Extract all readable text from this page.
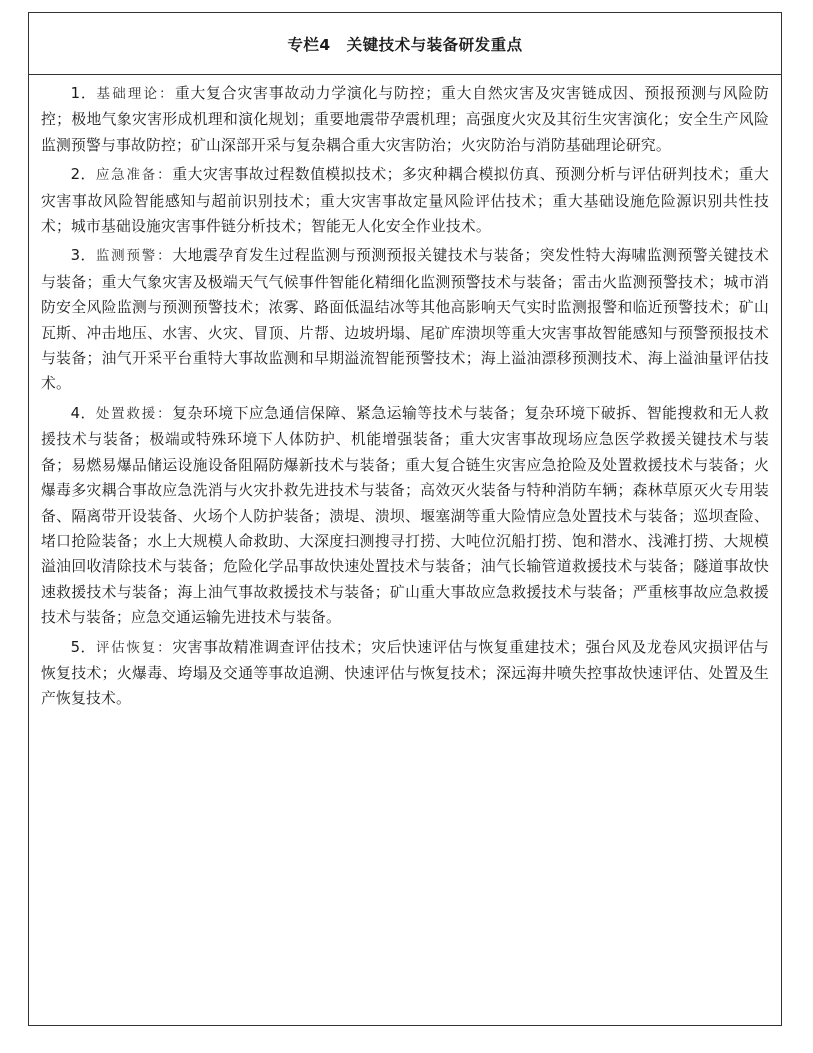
专栏4　关键技术与装备研发重点

1．基础理论：重大复合灾害事故动力学演化与防控；重大自然灾害及灾害链成因、预报预测与风险防控；极地气象灾害形成机理和演化规划；重要地震带孕震机理；高强度火灾及其衍生灾害演化；安全生产风险监测预警与事故防控；矿山深部开采与复杂耦合重大灾害防治；火灾防治与消防基础理论研究。

2．应急准备：重大灾害事故过程数值模拟技术；多灾种耦合模拟仿真、预测分析与评估研判技术；重大灾害事故风险智能感知与超前识别技术；重大灾害事故定量风险评估技术；重大基础设施危险源识别共性技术；城市基础设施灾害事件链分析技术；智能无人化安全作业技术。

3．监测预警：大地震孕育发生过程监测与预测预报关键技术与装备；突发性特大海啸监测预警关键技术与装备；重大气象灾害及极端天气气候事件智能化精细化监测预警技术与装备；雷击火监测预警技术；城市消防安全风险监测与预测预警技术；浓雾、路面低温结冰等其他高影响天气实时监测报警和临近预警技术；矿山瓦斯、冲击地压、水害、火灾、冒顶、片帮、边坡坍塌、尾矿库溃坝等重大灾害事故智能感知与预警预报技术与装备；油气开采平台重特大事故监测和早期溢流智能预警技术；海上溢油漂移预测技术、海上溢油量评估技术。

4．处置救援：复杂环境下应急通信保障、紧急运输等技术与装备；复杂环境下破拆、智能搜救和无人救援技术与装备；极端或特殊环境下人体防护、机能增强装备；重大灾害事故现场应急医学救援关键技术与装备；易燃易爆品储运设施设备阻隔防爆新技术与装备；重大复合链生灾害应急抢险及处置救援技术与装备；火爆毒多灾耦合事故应急洗消与火灾扑救先进技术与装备；高效灭火装备与特种消防车辆；森林草原灭火专用装备、隔离带开设装备、火场个人防护装备；溃堤、溃坝、堰塞湖等重大险情应急处置技术与装备；巡坝查险、堵口抢险装备；水上大规模人命救助、大深度扫测搜寻打捞、大吨位沉船打捞、饱和潜水、浅滩打捞、大规模溢油回收清除技术与装备；危险化学品事故快速处置技术与装备；油气长输管道救援技术与装备；隧道事故快速救援技术与装备；海上油气事故救援技术与装备；矿山重大事故应急救援技术与装备；严重核事故应急救援技术与装备；应急交通运输先进技术与装备。

5．评估恢复：灾害事故精准调查评估技术；灾后快速评估与恢复重建技术；强台风及龙卷风灾损评估与恢复技术；火爆毒、垮塌及交通等事故追溯、快速评估与恢复技术；深远海井喷失控事故快速评估、处置及生产恢复技术。
